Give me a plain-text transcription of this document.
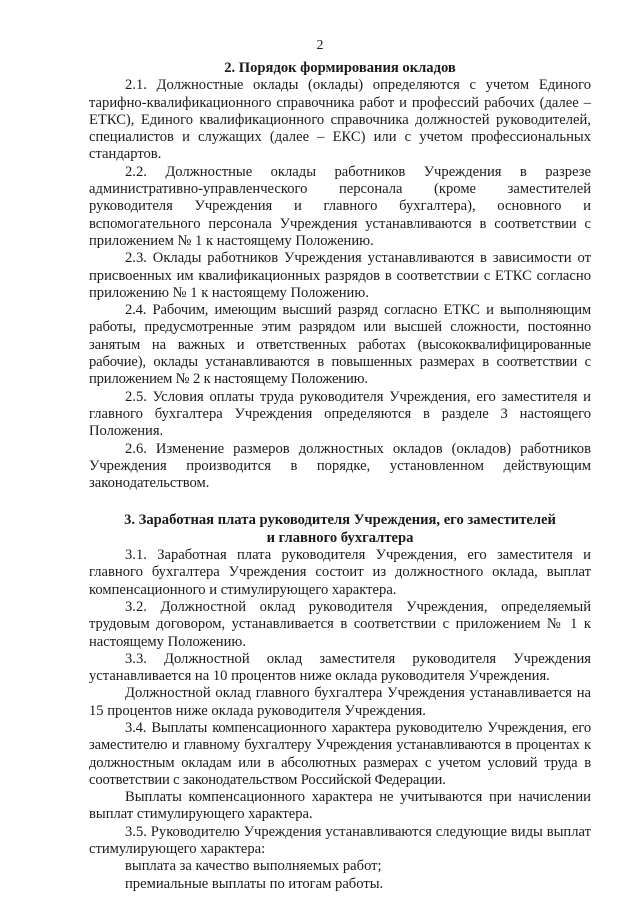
2

2. Порядок формирования окладов

2.1. Должностные оклады (оклады) определяются с учетом Единого тарифно-квалификационного справочника работ и профессий рабочих (далее – ЕТКС), Единого квалификационного справочника должностей руководителей, специалистов и служащих (далее – ЕКС) или с учетом профессиональных стандартов.

2.2. Должностные оклады работников Учреждения в разрезе административно-управленческого персонала (кроме заместителей руководителя Учреждения и главного бухгалтера), основного и вспомогательного персонала Учреждения устанавливаются в соответствии с приложением № 1 к настоящему Положению.

2.3. Оклады работников Учреждения устанавливаются в зависимости от присвоенных им квалификационных разрядов в соответствии с ЕТКС согласно приложению № 1 к настоящему Положению.

2.4. Рабочим, имеющим высший разряд согласно ЕТКС и выполняющим работы, предусмотренные этим разрядом или высшей сложности, постоянно занятым на важных и ответственных работах (высококвалифицированные рабочие), оклады устанавливаются в повышенных размерах в соответствии с приложением № 2 к настоящему Положению.

2.5. Условия оплаты труда руководителя Учреждения, его заместителя и главного бухгалтера Учреждения определяются в разделе 3 настоящего Положения.

2.6. Изменение размеров должностных окладов (окладов) работников Учреждения производится в порядке, установленном действующим законодательством.

3. Заработная плата руководителя Учреждения, его заместителей
и главного бухгалтера

3.1. Заработная плата руководителя Учреждения, его заместителя и главного бухгалтера Учреждения состоит из должностного оклада, выплат компенсационного и стимулирующего характера.

3.2. Должностной оклад руководителя Учреждения, определяемый трудовым договором, устанавливается в соответствии с приложением № 1 к настоящему Положению.

3.3. Должностной оклад заместителя руководителя Учреждения устанавливается на 10 процентов ниже оклада руководителя Учреждения.

Должностной оклад главного бухгалтера Учреждения устанавливается на 15 процентов ниже оклада руководителя Учреждения.

3.4. Выплаты компенсационного характера руководителю Учреждения, его заместителю и главному бухгалтеру Учреждения устанавливаются в процентах к должностным окладам или в абсолютных размерах с учетом условий труда в соответствии с законодательством Российской Федерации.

Выплаты компенсационного характера не учитываются при начислении выплат стимулирующего характера.

3.5. Руководителю Учреждения устанавливаются следующие виды выплат стимулирующего характера:

выплата за качество выполняемых работ;

премиальные выплаты по итогам работы.
